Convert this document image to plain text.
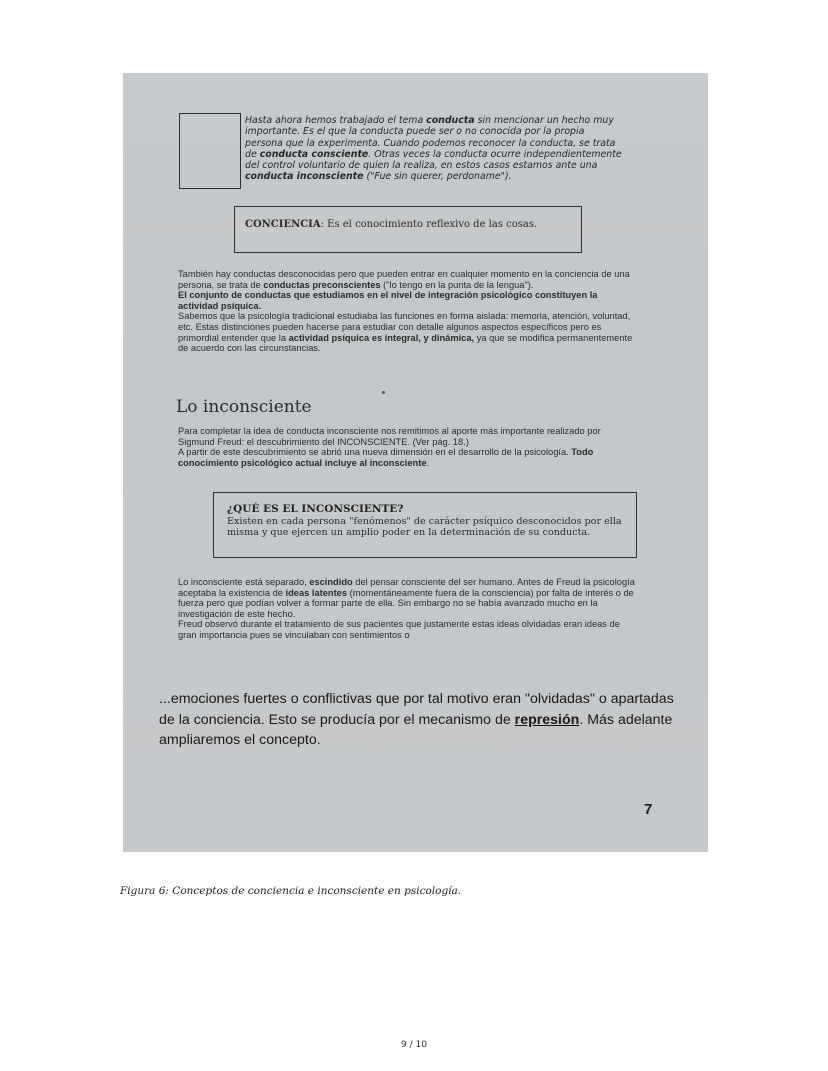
Hasta ahora hemos trabajado el tema conducta sin mencionar un hecho muy importante. Es el que la conducta puede ser o no conocida por la propia persona que la experimenta. Cuando podemos reconocer la conducta, se trata de conducta consciente. Otras veces la conducta ocurre independientemente del control voluntario de quien la realiza, en estos casos estamos ante una conducta inconsciente ("Fue sin querer, perdoname").
CONCIENCIA: Es el conocimiento reflexivo de las cosas.
También hay conductas desconocidas pero que pueden entrar en cualquier momento en la conciencia de una persona, se trata de conductas preconscientes ("lo tengo en la punta de la lengua").
El conjunto de conductas que estudiamos en el nivel de integración psicológico constituyen la actividad psíquica.
Sabemos que la psicología tradicional estudiaba las funciones en forma aislada: memoria, atención, voluntad, etc. Estas distinciones pueden hacerse para estudiar con detalle algunos aspectos específicos pero es primordial entender que la actividad psíquica es integral, y dinámica, ya que se modifica permanentemente de acuerdo con las circunstancias.
Lo inconsciente
Para completar la idea de conducta inconsciente nos remitimos al aporte más importante realizado por Sigmund Freud: el descubrimiento del INCONSCIENTE. (Ver pág. 18.)
A partir de este descubrimiento se abrió una nueva dimensión en el desarrollo de la psicología. Todo conocimiento psicológico actual incluye al inconsciente.
¿QUÉ ES EL INCONSCIENTE?
Existen en cada persona "fenómenos" de carácter psíquico desconocidos por ella misma y que ejercen un amplio poder en la determinación de su conducta.
Lo inconsciente está separado, escindido del pensar consciente del ser humano. Antes de Freud la psicología aceptaba la existencia de ideas latentes (momentáneamente fuera de la consciencia) por falta de interés o de fuerza pero que podían volver a formar parte de ella. Sin embargo no se había avanzado mucho en la investigación de este hecho.
Freud observó durante el tratamiento de sus pacientes que justamente estas ideas olvidadas eran ideas de gran importancia pues se vinculaban con sentimientos o
...emociones fuertes o conflictivas que por tal motivo eran "olvidadas" o apartadas de la conciencia. Esto se producía por el mecanismo de represión. Más adelante ampliaremos el concepto.
7
Figura 6: Conceptos de conciencia e inconsciente en psicología.
9 / 10
